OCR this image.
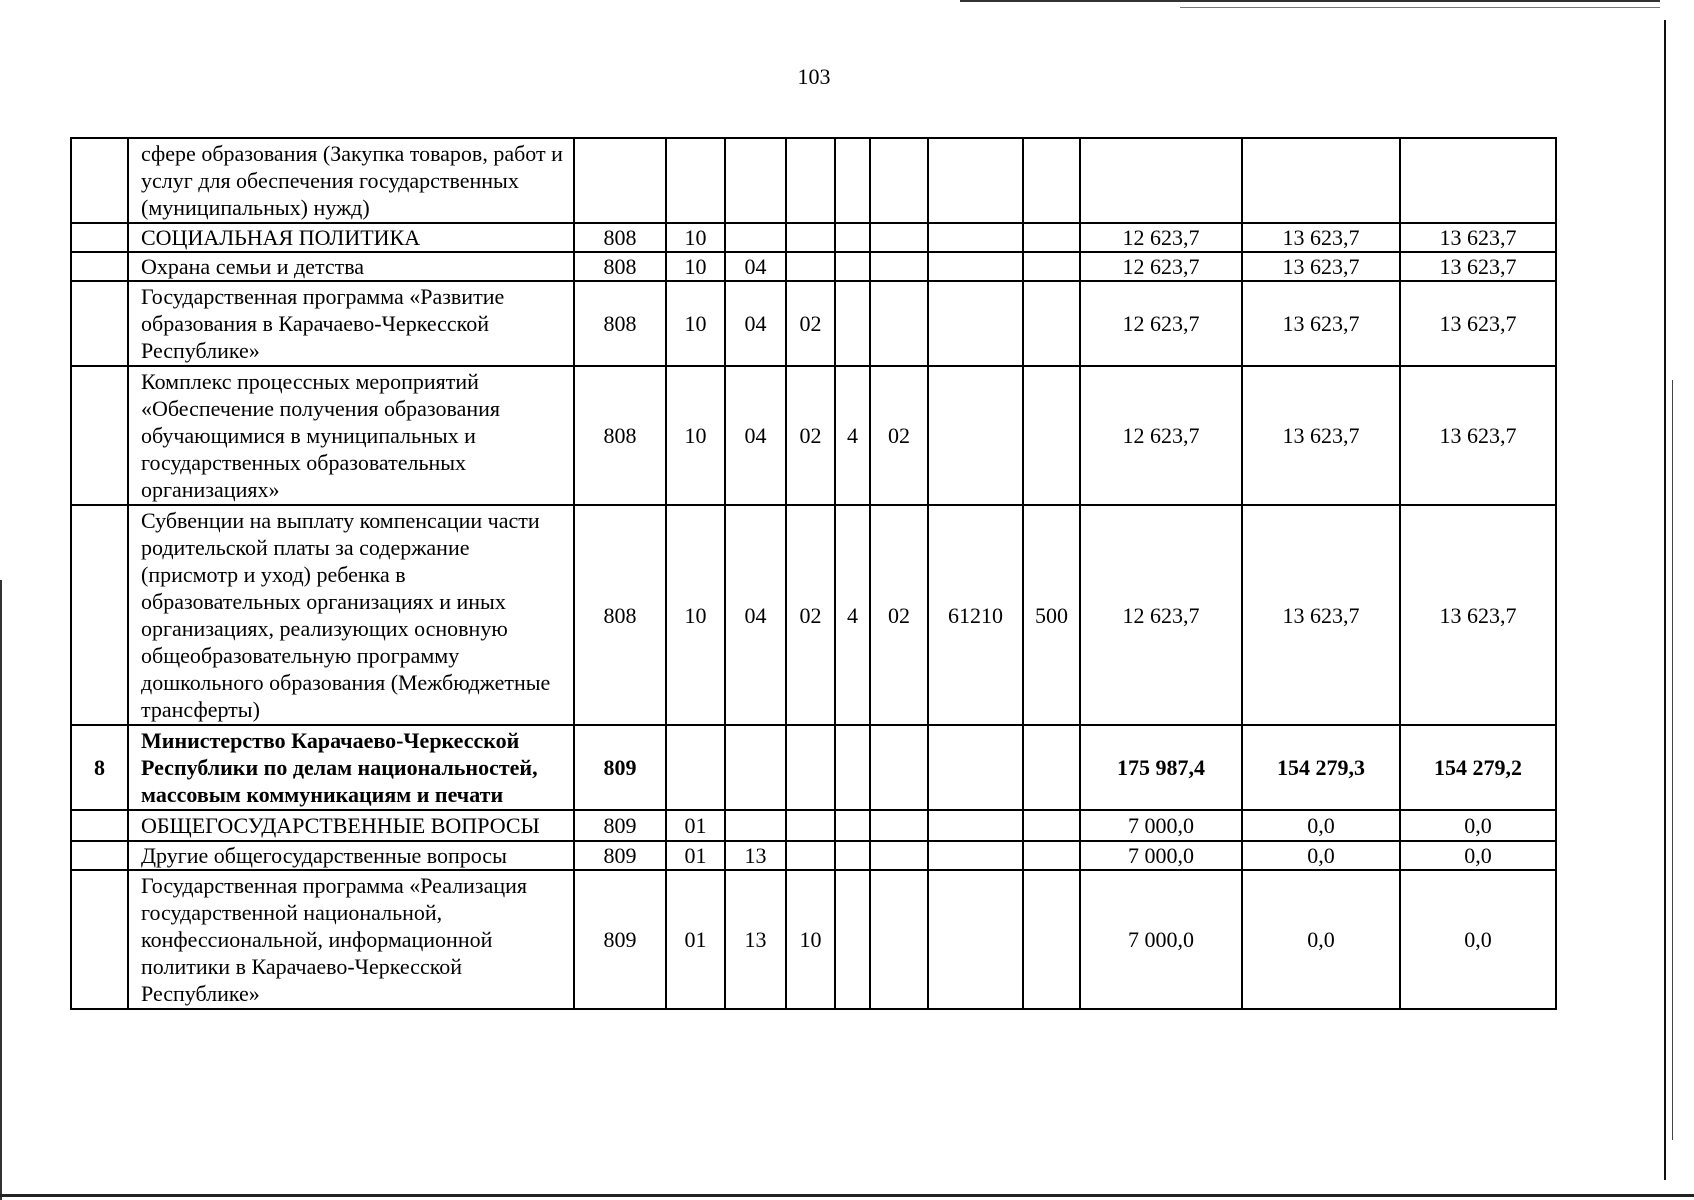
103
	сфере образования (Закупка товаров, работ и услуг для обеспечения государственных (муниципальных) нужд)											
	СОЦИАЛЬНАЯ ПОЛИТИКА	808	10							12 623,7	13 623,7	13 623,7
	Охрана семьи и детства	808	10	04						12 623,7	13 623,7	13 623,7
	Государственная программа «Развитие образования в Карачаево-Черкесской Республике»	808	10	04	02					12 623,7	13 623,7	13 623,7
	Комплекс процессных мероприятий «Обеспечение получения образования обучающимися в муниципальных и государственных образовательных организациях»	808	10	04	02	4	02			12 623,7	13 623,7	13 623,7
	Субвенции на выплату компенсации части родительской платы за содержание (присмотр и уход) ребенка в образовательных организациях и иных организациях, реализующих основную общеобразовательную программу дошкольного образования (Межбюджетные трансферты)	808	10	04	02	4	02	61210	500	12 623,7	13 623,7	13 623,7
8	Министерство Карачаево-Черкесской Республики по делам национальностей, массовым коммуникациям и печати	809								175 987,4	154 279,3	154 279,2
	ОБЩЕГОСУДАРСТВЕННЫЕ ВОПРОСЫ	809	01							7 000,0	0,0	0,0
	Другие общегосударственные вопросы	809	01	13						7 000,0	0,0	0,0
	Государственная программа «Реализация государственной национальной, конфессиональной, информационной политики в Карачаево-Черкесской Республике»	809	01	13	10					7 000,0	0,0	0,0
